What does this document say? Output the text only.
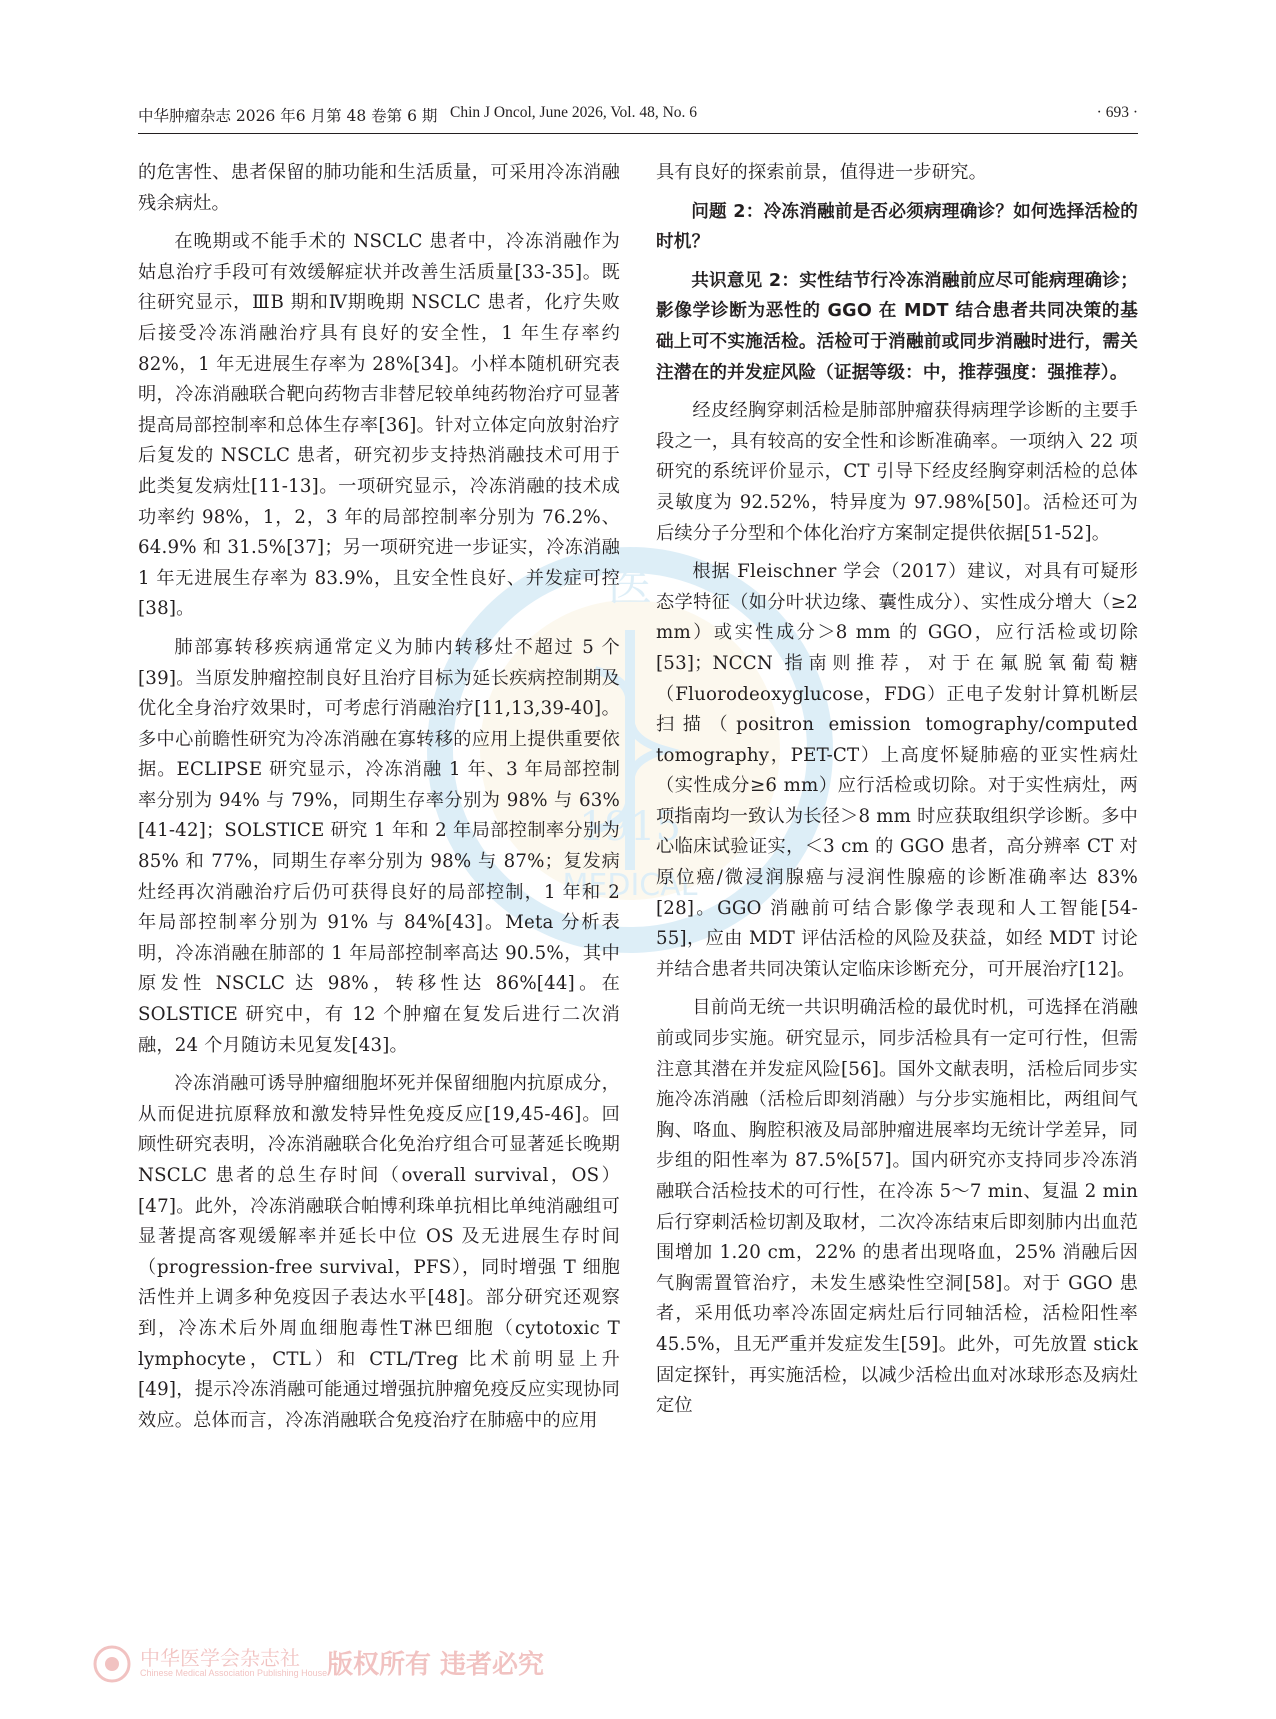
医
1915
MEDICAL
中华医学会杂志社
Chinese Medical Association Publishing House 版权所有 违者必究
中华肿瘤杂志 2026 年6 月第 48 卷第 6 期 Chin J Oncol, June 2026, Vol. 48, No. 6	· 693 ·

的危害性、患者保留的肺功能和生活质量，可采用冷冻消融残余病灶。

在晚期或不能手术的 NSCLC 患者中，冷冻消融作为姑息治疗手段可有效缓解症状并改善生活质量[33-35]。既往研究显示，ⅢB 期和Ⅳ期晚期 NSCLC 患者，化疗失败后接受冷冻消融治疗具有良好的安全性，1 年生存率约 82%，1 年无进展生存率为 28%[34]。小样本随机研究表明，冷冻消融联合靶向药物吉非替尼较单纯药物治疗可显著提高局部控制率和总体生存率[36]。针对立体定向放射治疗后复发的 NSCLC 患者，研究初步支持热消融技术可用于此类复发病灶[11-13]。一项研究显示，冷冻消融的技术成功率约 98%，1，2，3 年的局部控制率分别为 76.2%、64.9% 和 31.5%[37]；另一项研究进一步证实，冷冻消融 1 年无进展生存率为 83.9%，且安全性良好、并发症可控[38]。

肺部寡转移疾病通常定义为肺内转移灶不超过 5 个[39]。当原发肿瘤控制良好且治疗目标为延长疾病控制期及优化全身治疗效果时，可考虑行消融治疗[11,13,39-40]。多中心前瞻性研究为冷冻消融在寡转移的应用上提供重要依据。ECLIPSE 研究显示，冷冻消融 1 年、3 年局部控制率分别为 94% 与 79%，同期生存率分别为 98% 与 63%[41-42]；SOLSTICE 研究 1 年和 2 年局部控制率分别为 85% 和 77%，同期生存率分别为 98% 与 87%；复发病灶经再次消融治疗后仍可获得良好的局部控制，1 年和 2 年局部控制率分别为 91% 与 84%[43]。Meta 分析表明，冷冻消融在肺部的 1 年局部控制率高达 90.5%，其中原发性 NSCLC 达 98%，转移性达 86%[44]。在 SOLSTICE 研究中，有 12 个肿瘤在复发后进行二次消融，24 个月随访未见复发[43]。

冷冻消融可诱导肿瘤细胞坏死并保留细胞内抗原成分，从而促进抗原释放和激发特异性免疫反应[19,45-46]。回顾性研究表明，冷冻消融联合化免治疗组合可显著延长晚期 NSCLC 患者的总生存时间（overall survival，OS）[47]。此外，冷冻消融联合帕博利珠单抗相比单纯消融组可显著提高客观缓解率并延长中位 OS 及无进展生存时间（progression-free survival，PFS），同时增强 T 细胞活性并上调多种免疫因子表达水平[48]。部分研究还观察到，冷冻术后外周血细胞毒性T淋巴细胞（cytotoxic T lymphocyte，CTL）和 CTL/Treg 比术前明显上升[49]，提示冷冻消融可能通过增强抗肿瘤免疫反应实现协同效应。总体而言，冷冻消融联合免疫治疗在肺癌中的应用

具有良好的探索前景，值得进一步研究。

问题 2：冷冻消融前是否必须病理确诊？如何选择活检的时机？

共识意见 2：实性结节行冷冻消融前应尽可能病理确诊；影像学诊断为恶性的 GGO 在 MDT 结合患者共同决策的基础上可不实施活检。活检可于消融前或同步消融时进行，需关注潜在的并发症风险（证据等级：中，推荐强度：强推荐）。

经皮经胸穿刺活检是肺部肿瘤获得病理学诊断的主要手段之一，具有较高的安全性和诊断准确率。一项纳入 22 项研究的系统评价显示，CT 引导下经皮经胸穿刺活检的总体灵敏度为 92.52%，特异度为 97.98%[50]。活检还可为后续分子分型和个体化治疗方案制定提供依据[51-52]。

根据 Fleischner 学会（2017）建议，对具有可疑形态学特征（如分叶状边缘、囊性成分）、实性成分增大（≥2 mm）或实性成分＞8 mm 的 GGO，应行活检或切除[53]；NCCN 指南则推荐，对于在氟脱氧葡萄糖（Fluorodeoxyglucose，FDG）正电子发射计算机断层扫描（positron emission tomography/computed tomography，PET-CT）上高度怀疑肺癌的亚实性病灶（实性成分≥6 mm）应行活检或切除。对于实性病灶，两项指南均一致认为长径＞8 mm 时应获取组织学诊断。多中心临床试验证实，＜3 cm 的 GGO 患者，高分辨率 CT 对原位癌/微浸润腺癌与浸润性腺癌的诊断准确率达 83%[28]。GGO 消融前可结合影像学表现和人工智能[54-55]，应由 MDT 评估活检的风险及获益，如经 MDT 讨论并结合患者共同决策认定临床诊断充分，可开展治疗[12]。

目前尚无统一共识明确活检的最优时机，可选择在消融前或同步实施。研究显示，同步活检具有一定可行性，但需注意其潜在并发症风险[56]。国外文献表明，活检后同步实施冷冻消融（活检后即刻消融）与分步实施相比，两组间气胸、咯血、胸腔积液及局部肿瘤进展率均无统计学差异，同步组的阳性率为 87.5%[57]。国内研究亦支持同步冷冻消融联合活检技术的可行性，在冷冻 5～7 min、复温 2 min 后行穿刺活检切割及取材，二次冷冻结束后即刻肺内出血范围增加 1.20 cm，22% 的患者出现咯血，25% 消融后因气胸需置管治疗，未发生感染性空洞[58]。对于 GGO 患者，采用低功率冷冻固定病灶后行同轴活检，活检阳性率 45.5%，且无严重并发症发生[59]。此外，可先放置 stick 固定探针，再实施活检，以减少活检出血对冰球形态及病灶定位
